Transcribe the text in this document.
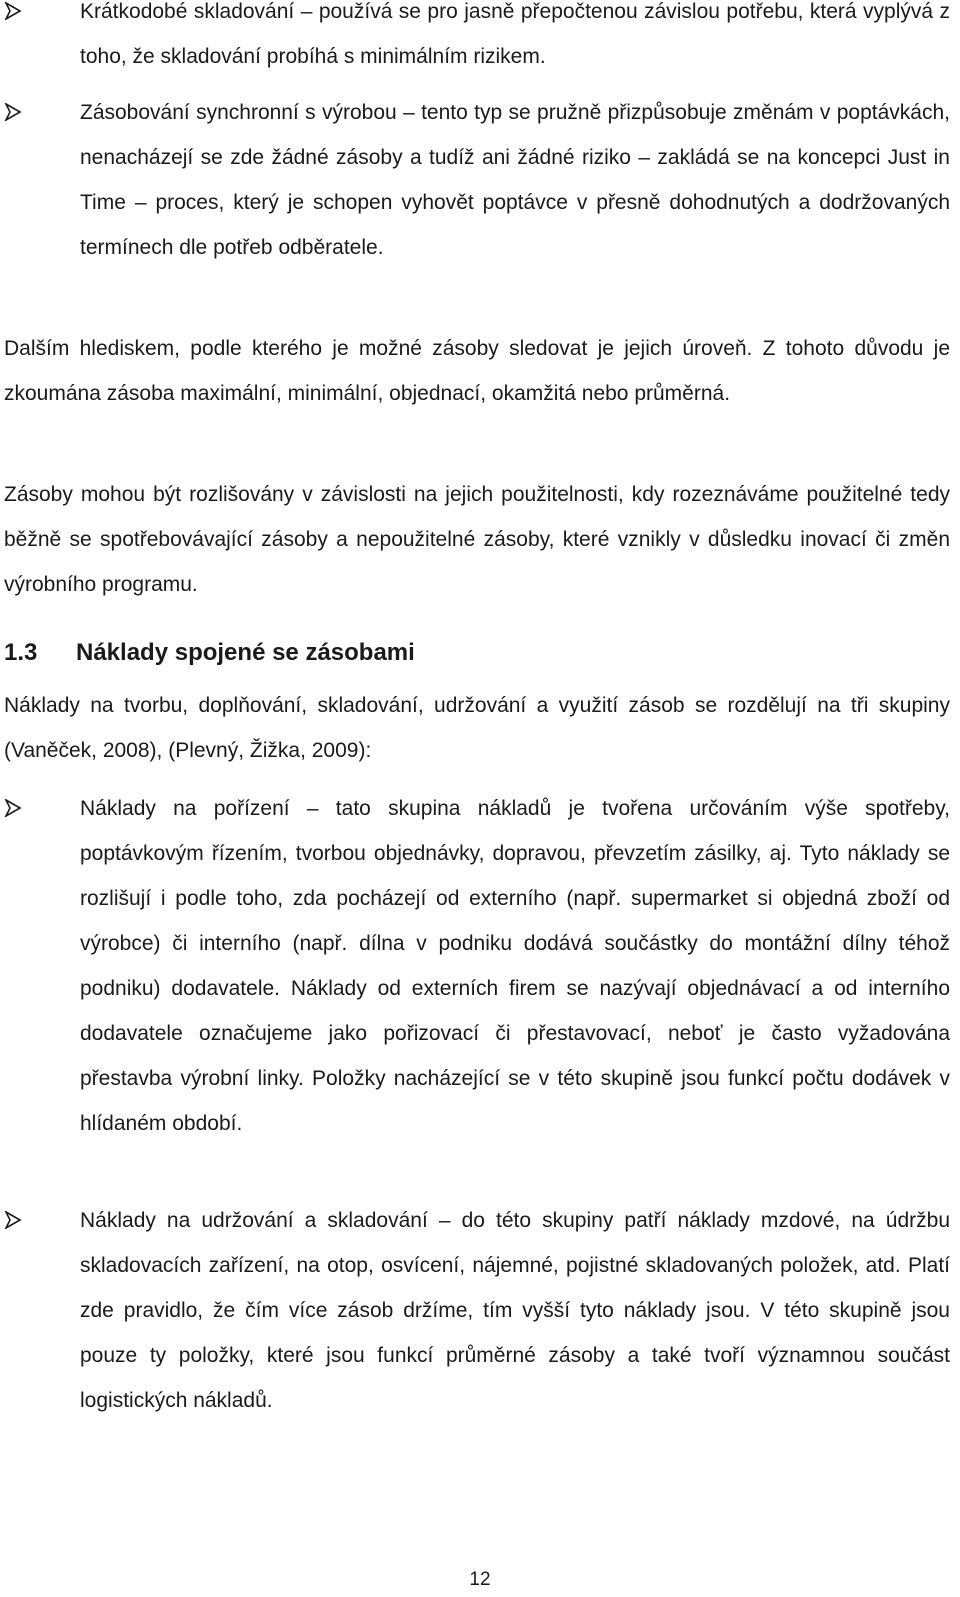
Krátkodobé skladování – používá se pro jasně přepočtenou závislou potřebu, která vyplývá z toho, že skladování probíhá s minimálním rizikem.

Zásobování synchronní s výrobou – tento typ se pružně přizpůsobuje změnám v poptávkách, nenacházejí se zde žádné zásoby a tudíž ani žádné riziko – zakládá se na koncepci Just in Time – proces, který je schopen vyhovět poptávce v přesně dohodnutých a dodržovaných termínech dle potřeb odběratele.

Dalším hlediskem, podle kterého je možné zásoby sledovat je jejich úroveň. Z tohoto důvodu je zkoumána zásoba maximální, minimální, objednací, okamžitá nebo průměrná.

Zásoby mohou být rozlišovány v závislosti na jejich použitelnosti, kdy rozeznáváme použitelné tedy běžně se spotřebovávající zásoby a nepoužitelné zásoby, které vznikly v důsledku inovací či změn výrobního programu.

1.3 Náklady spojené se zásobami

Náklady na tvorbu, doplňování, skladování, udržování a využití zásob se rozdělují na tři skupiny (Vaněček, 2008), (Plevný, Žižka, 2009):

Náklady na pořízení – tato skupina nákladů je tvořena určováním výše spotřeby, poptávkovým řízením, tvorbou objednávky, dopravou, převzetím zásilky, aj. Tyto náklady se rozlišují i podle toho, zda pocházejí od externího (např. supermarket si objedná zboží od výrobce) či interního (např. dílna v podniku dodává součástky do montážní dílny téhož podniku) dodavatele. Náklady od externích firem se nazývají objednávací a od interního dodavatele označujeme jako pořizovací či přestavovací, neboť je často vyžadována přestavba výrobní linky. Položky nacházející se v této skupině jsou funkcí počtu dodávek v hlídaném období.

Náklady na udržování a skladování – do této skupiny patří náklady mzdové, na údržbu skladovacích zařízení, na otop, osvícení, nájemné, pojistné skladovaných položek, atd. Platí zde pravidlo, že čím více zásob držíme, tím vyšší tyto náklady jsou. V této skupině jsou pouze ty položky, které jsou funkcí průměrné zásoby a také tvoří významnou součást logistických nákladů.

12
